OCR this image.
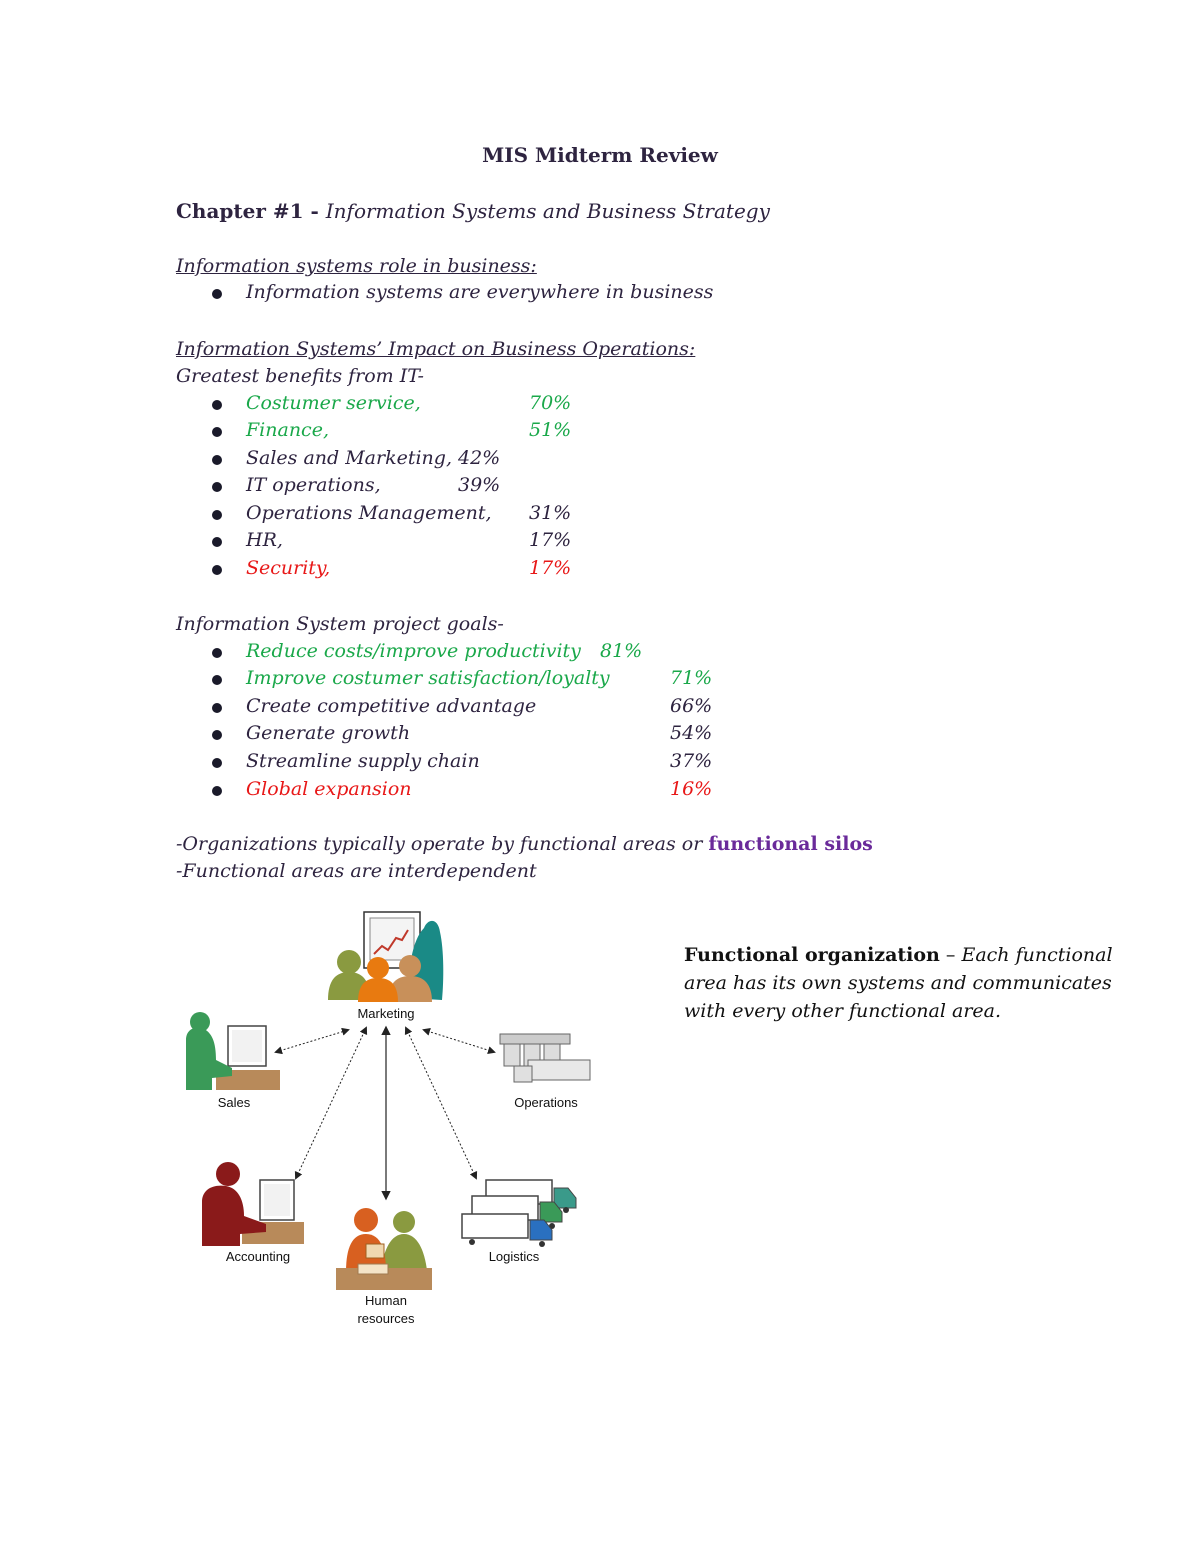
MIS Midterm Review
Chapter #1 - Information Systems and Business Strategy
Information systems role in business:
Information systems are everywhere in business
Information Systems’ Impact on Business Operations:
Greatest benefits from IT-
Costumer service,	70%
Finance,	51%
Sales and Marketing, 42%
IT operations,	39%
Operations Management, 31%
HR,	17%
Security,	17%
Information System project goals-
Reduce costs/improve productivity 81%
Improve costumer satisfaction/loyalty	71%
Create competitive advantage	66%
Generate growth	54%
Streamline supply chain	37%
Global expansion	16%
-Organizations typically operate by functional areas or functional silos
-Functional areas are interdependent
Marketing
Sales	Operations
Accounting
Human
resources
Logistics
Functional organization – Each functional area has its own systems and communicates with every other functional area.
